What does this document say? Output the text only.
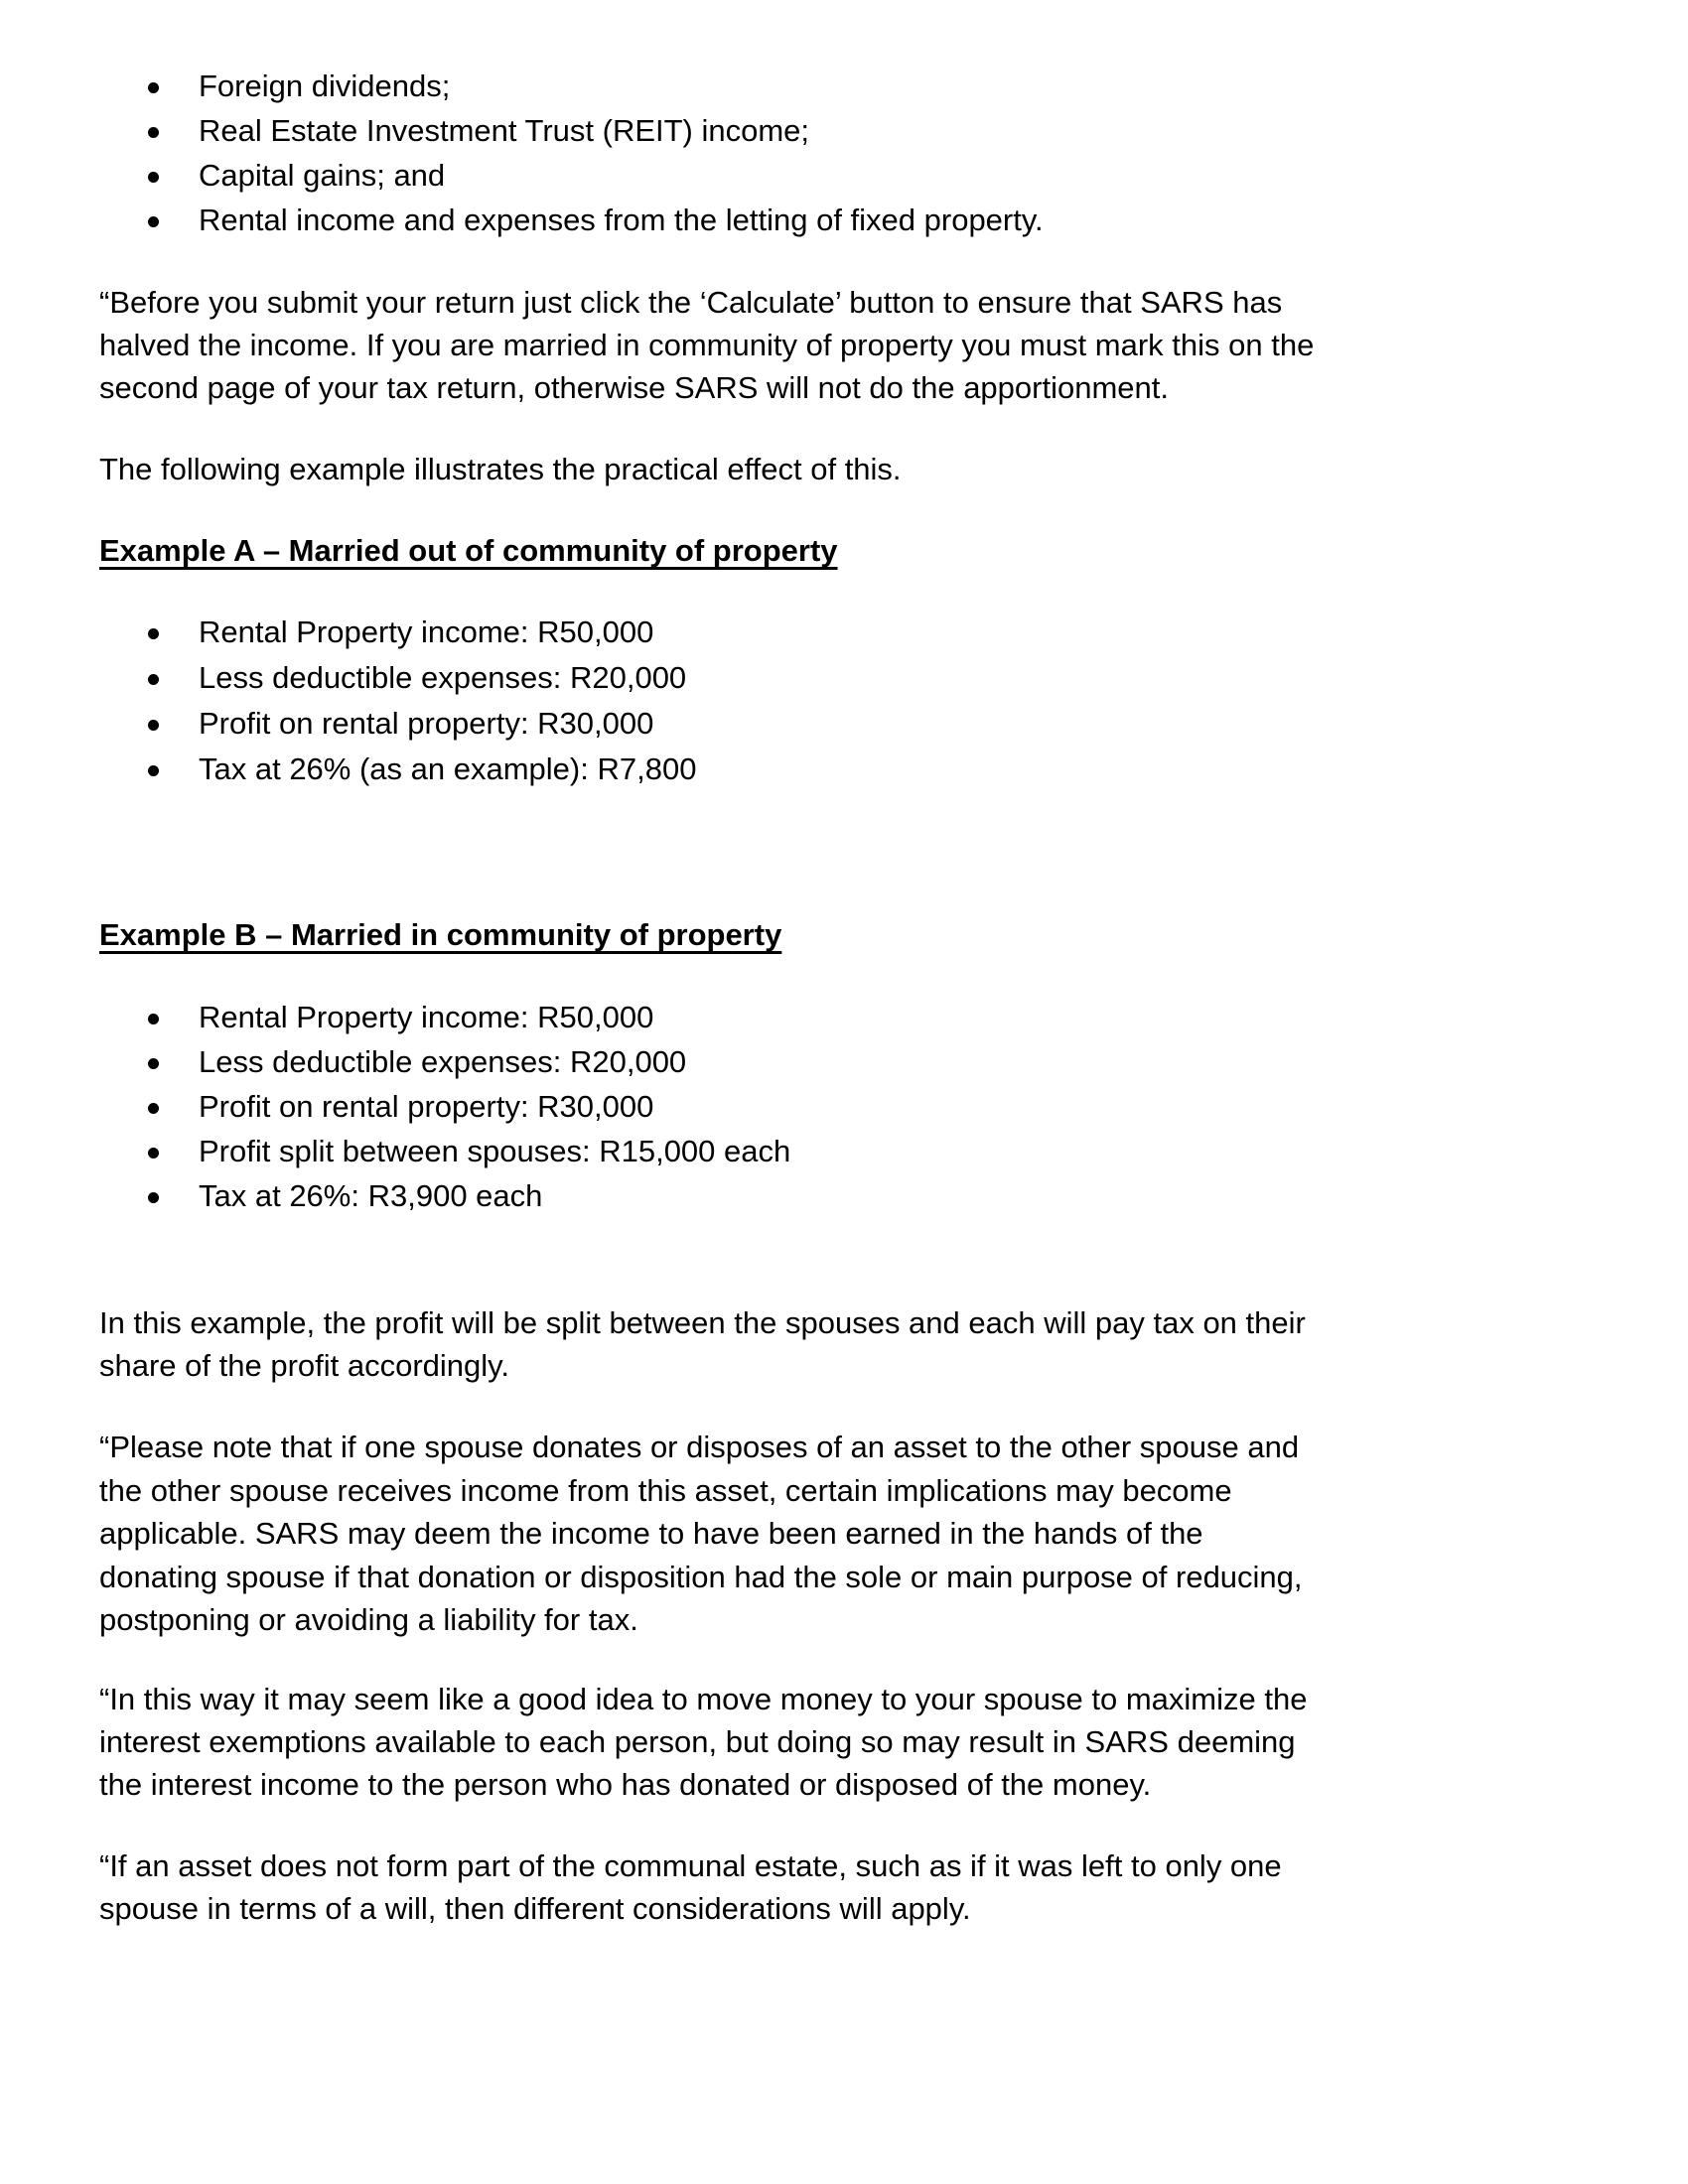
Foreign dividends;
Real Estate Investment Trust (REIT) income;
Capital gains; and
Rental income and expenses from the letting of fixed property.
“Before you submit your return just click the ‘Calculate’ button to ensure that SARS has
halved the income. If you are married in community of property you must mark this on the
second page of your tax return, otherwise SARS will not do the apportionment.
The following example illustrates the practical effect of this.
Example A – Married out of community of property
Rental Property income: R50,000
Less deductible expenses: R20,000
Profit on rental property: R30,000
Tax at 26% (as an example): R7,800
Example B – Married in community of property
Rental Property income: R50,000
Less deductible expenses: R20,000
Profit on rental property: R30,000
Profit split between spouses: R15,000 each
Tax at 26%: R3,900 each
In this example, the profit will be split between the spouses and each will pay tax on their
share of the profit accordingly.
“Please note that if one spouse donates or disposes of an asset to the other spouse and
the other spouse receives income from this asset, certain implications may become
applicable. SARS may deem the income to have been earned in the hands of the
donating spouse if that donation or disposition had the sole or main purpose of reducing,
postponing or avoiding a liability for tax.
“In this way it may seem like a good idea to move money to your spouse to maximize the
interest exemptions available to each person, but doing so may result in SARS deeming
the interest income to the person who has donated or disposed of the money.
“If an asset does not form part of the communal estate, such as if it was left to only one
spouse in terms of a will, then different considerations will apply.
